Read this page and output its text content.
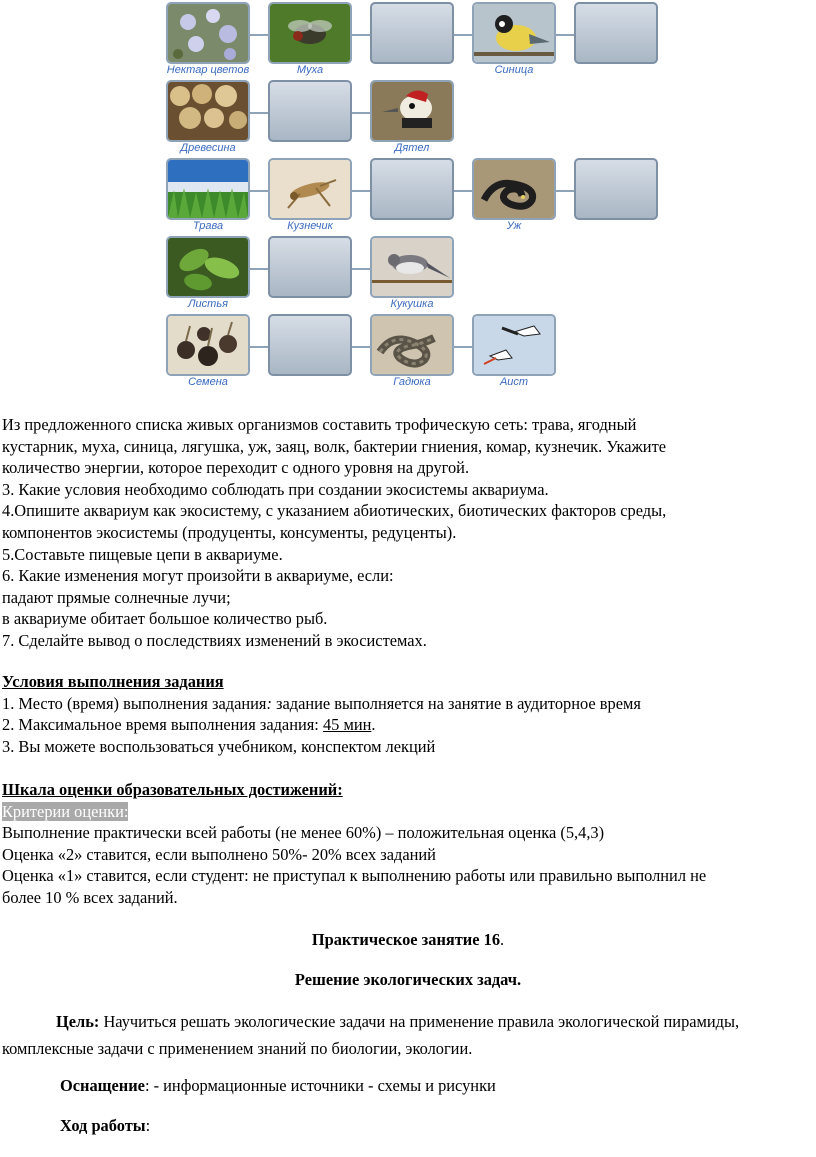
Нектар цветов	Муха	Синица
Древесина	Дятел
Трава	Кузнечик	Уж
Листья	Кукушка
Семена	Гадюка	Аист

Из предложенного списка живых организмов составить трофическую сеть: трава, ягодный

кустарник, муха, синица, лягушка, уж, заяц, волк, бактерии гниения, комар, кузнечик. Укажите

количество энергии, которое переходит с одного уровня на другой.

3. Какие условия необходимо соблюдать при создании экосистемы аквариума.

4.Опишите аквариум как экосистему, с указанием абиотических, биотических факторов среды,

компонентов экосистемы (продуценты, консументы, редуценты).

5.Составьте пищевые цепи в аквариуме.

6. Какие изменения могут произойти в аквариуме, если:

падают прямые солнечные лучи;

в аквариуме обитает большое количество рыб.

7. Сделайте вывод о последствиях изменений в экосистемах.

Условия выполнения задания

1. Место (время) выполнения задания: задание выполняется на занятие в аудиторное время

2. Максимальное время выполнения задания: 45 мин.

3. Вы можете воспользоваться учебником, конспектом лекций

Шкала оценки образовательных достижений:

Критерии оценки:

Выполнение практически всей работы (не менее 60%) – положительная оценка (5,4,3)

Оценка «2» ставится, если выполнено 50%- 20% всех заданий

Оценка «1» ставится, если студент: не приступал к выполнению работы или правильно выполнил не

более 10 % всех заданий.

Практическое занятие 16.

Решение экологических задач.

Цель: Научиться решать экологические задачи на применение правила экологической пирамиды,

комплексные задачи с применением знаний по биологии, экологии.

Оснащение: - информационные источники - схемы и рисунки

Ход работы:
